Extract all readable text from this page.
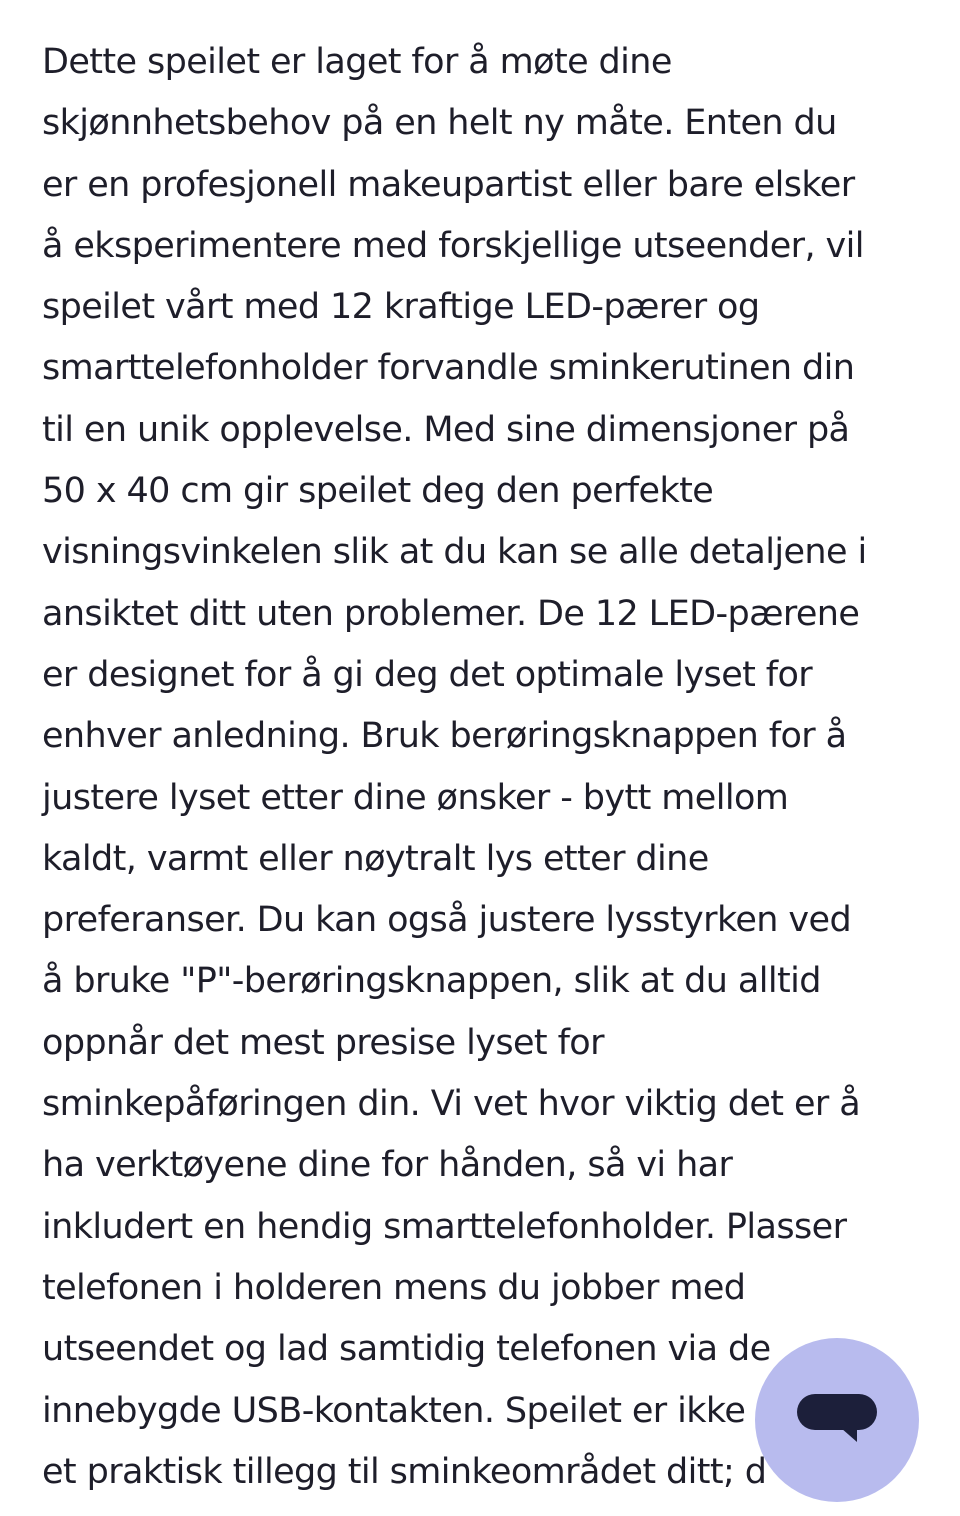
Dette speilet er laget for å møte dine
skjønnhetsbehov på en helt ny måte. Enten du
er en profesjonell makeupartist eller bare elsker
å eksperimentere med forskjellige utseender, vil
speilet vårt med 12 kraftige LED-pærer og
smarttelefonholder forvandle sminkerutinen din
til en unik opplevelse. Med sine dimensjoner på
50 x 40 cm gir speilet deg den perfekte
visningsvinkelen slik at du kan se alle detaljene i
ansiktet ditt uten problemer. De 12 LED-pærene
er designet for å gi deg det optimale lyset for
enhver anledning. Bruk berøringsknappen for å
justere lyset etter dine ønsker - bytt mellom
kaldt, varmt eller nøytralt lys etter dine
preferanser. Du kan også justere lysstyrken ved
å bruke "P"-berøringsknappen, slik at du alltid
oppnår det mest presise lyset for
sminkepåføringen din. Vi vet hvor viktig det er å
ha verktøyene dine for hånden, så vi har
inkludert en hendig smarttelefonholder. Plasser
telefonen i holderen mens du jobber med
utseendet og lad samtidig telefonen via de
innebygde USB-kontakten. Speilet er ikke
et praktisk tillegg til sminkeområdet ditt; d
